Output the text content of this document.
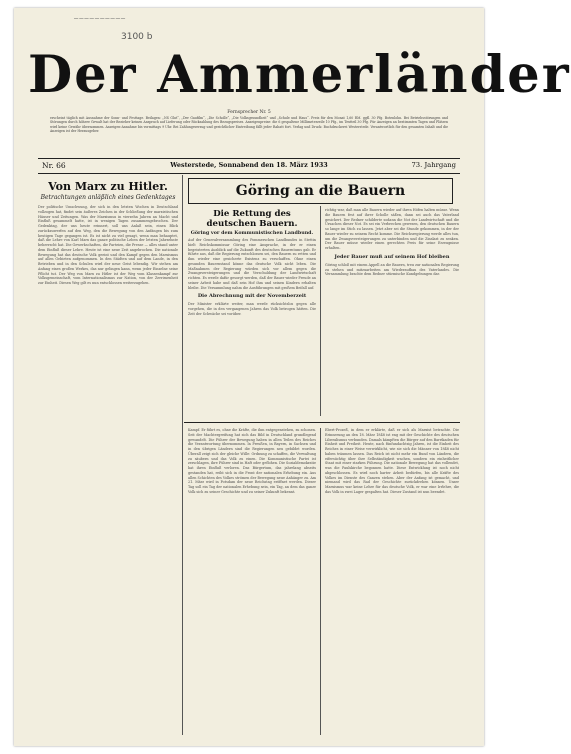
——————————
3100 b
Der Ammerländer
Fernsprecher Nr. 5
erscheint täglich mit Ausnahme der Sonn- und Festtage. Beilagen: „NS Glut“, „Der Gaufilm“, „Die Scholle“, „Die Volksgesundheit“ und „Schule und Haus“. Preis für den Monat 1,60 RM. ggfl. 30 Pfg. Botenlohn. Bei Betriebsstörungen und Störungen durch höhere Gewalt hat der Bezieher keinen Anspruch auf Lieferung oder Rückzahlung des Bezugspreises. Anzeigenpreise: die 6 gespaltene Millimeterzeile 10 Pfg., im Textteil 30 Pfg. Für Anzeigen an bestimmten Tagen und Plätzen wird keine Gewähr übernommen. Anzeigen-Annahme bis vormittags 9 Uhr. Bei Zahlungsverzug und gerichtlicher Eintreibung fällt jeder Rabatt fort. Verlag und Druck: Buchdruckerei Westerstede. Verantwortlich für den gesamten Inhalt und die Anzeigen ist der Herausgeber.
Nr. 66	Westerstede, Sonnabend den 18. März 1933	73. Jahrgang
Von Marx zu Hitler.
Betrachtungen anläßlich eines Gedenktages
Der politische Umschwung, der sich in den letzten Wochen in Deutschland vollzogen hat, findet sein äußeres Zeichen in der Schließung der marxistischen Häuser und Zeitungen. Was der Marxismus in vierzehn Jahren an Macht und Einfluß gesammelt hatte, ist in wenigen Tagen zusammengebrochen. Der Gedenktag, der uns heute erinnert, soll uns Anlaß sein, einen Blick zurückzuwerfen auf den Weg, den die Bewegung von den Anfängen bis zum heutigen Tage gegangen ist. Es ist nicht zu viel gesagt, wenn man behauptet, daß die Lehre von Karl Marx das ganze politische Leben der letzten Jahrzehnte beherrscht hat. Die Gewerkschaften, die Parteien, die Presse — alles stand unter dem Einfluß dieser Lehre. Heute ist eine neue Zeit angebrochen. Die nationale Bewegung hat das deutsche Volk geeint und den Kampf gegen den Marxismus auf allen Gebieten aufgenommen. In den Städten und auf dem Lande, in den Betrieben und in den Schulen wird der neue Geist lebendig. Wir stehen am Anfang eines großen Werkes, das nur gelingen kann, wenn jeder Einzelne seine Pflicht tut. Der Weg von Marx zu Hitler ist der Weg vom Klassenkampf zur Volksgemeinschaft, vom Internationalismus zur Nation, von der Zerrissenheit zur Einheit. Diesen Weg gilt es nun entschlossen weiterzugehen.
Göring an die Bauern
Die Rettung des deutschen Bauern.
Göring vor dem Kommunistischen Landbund.
Auf der Generalversammlung des Pommerschen Landbundes in Stettin hielt Reichskommissar Göring eine Ansprache, in der er einen begeisterten Ausblick auf die Zukunft des deutschen Bauerntums gab. Er führte aus, daß die Regierung entschlossen sei, den Bauern zu retten und ihm wieder eine gesicherte Existenz zu verschaffen. Ohne einen gesunden Bauernstand könne das deutsche Volk nicht leben. Die Maßnahmen der Regierung würden sich vor allem gegen die Zwangsversteigerungen und die Verschuldung der Landwirtschaft richten. Es werde dafür gesorgt werden, daß der Bauer wieder Freude an seiner Arbeit habe und daß sein Hof ihm und seinen Kindern erhalten bleibe. Die Versammlung nahm die Ausführungen mit großem Beifall auf.
Die Abrechnung mit der Novemberzeit
Der Minister erklärte weiter, man werde rücksichtslos gegen alle vorgehen, die in den vergangenen Jahren das Volk betrogen hätten. Die Zeit der Schwäche sei vorüber.
richtig war, daß man alle Bauern wieder auf ihren Höfen halten müsse. Wenn die Bauern fest auf ihrer Scholle säßen, dann sei auch das Vaterland gesichert. Der Redner schilderte sodann die Not der Landwirtschaft und die Ursachen dieser Not. Es sei ein Verbrechen gewesen, den deutschen Bauern so lange im Stich zu lassen. Jetzt aber sei die Stunde gekommen, in der der Bauer wieder zu seinem Recht komme. Die Reichsregierung werde alles tun, um die Zwangsversteigerungen zu unterbinden und die Zinslast zu senken. Der Bauer müsse wieder einen gerechten Preis für seine Erzeugnisse erhalten.
Jeder Bauer muß auf seinem Hof bleiben
Göring schloß mit einem Appell an die Bauern, treu zur nationalen Regierung zu stehen und mitzuarbeiten am Wiederaufbau des Vaterlandes. Die Versammlung brachte dem Redner stürmische Kundgebungen dar.
Kampf. Er führt es, ohne die Kräfte, die ihm entgegenstehen, zu schonen. Seit der Machtergreifung hat sich das Bild in Deutschland grundlegend gewandelt. Die Führer der Bewegung haben in allen Teilen des Reiches die Verantwortung übernommen. In Preußen, in Bayern, in Sachsen und in den übrigen Ländern sind die Regierungen neu gebildet worden. Überall zeigt sich der gleiche Wille: Ordnung zu schaffen, die Verwaltung zu säubern und das Volk zu einen. Die Kommunistische Partei ist zerschlagen, ihre Führer sind in Haft oder geflohen. Die Sozialdemokratie hat ihren Einfluß verloren. Das Bürgertum, das jahrelang abseits gestanden hat, reiht sich in die Front der nationalen Erhebung ein. Aus allen Schichten des Volkes strömen der Bewegung neue Anhänger zu. Am 21. März wird in Potsdam der neue Reichstag eröffnet werden. Dieser Tag soll ein Tag der nationalen Erhebung sein, ein Tag, an dem das ganze Volk sich zu seiner Geschichte und zu seiner Zukunft bekennt.
Ebert-Prozeß, in dem er erklärte, daß er sich als Marxist betrachte. Die Erinnerung an den 18. März 1848 ist eng mit der Geschichte des deutschen Liberalismus verbunden. Damals kämpften die Bürger auf den Barrikaden für Einheit und Freiheit. Heute, nach fünfundachtzig Jahren, ist die Einheit des Reiches in einer Weise verwirklicht, wie sie sich die Männer von 1848 nicht haben träumen lassen. Das Reich ist nicht mehr ein Bund von Ländern, die eifersüchtig über ihre Selbständigkeit wachen, sondern ein einheitlicher Staat mit einer starken Führung. Die nationale Bewegung hat das vollendet, was die Paulskirche begonnen hatte. Diese Entwicklung ist noch nicht abgeschlossen. Es wird noch harter Arbeit bedürfen, bis alle Kräfte des Volkes im Dienste des Ganzen stehen. Aber der Anfang ist gemacht, und niemand wird das Rad der Geschichte zurückdrehen können. Unser Marxismus war keine Lehre für das deutsche Volk, er war eine Irrlehre, die das Volk in zwei Lager gespalten hat. Dieser Zustand ist nun beendet.
